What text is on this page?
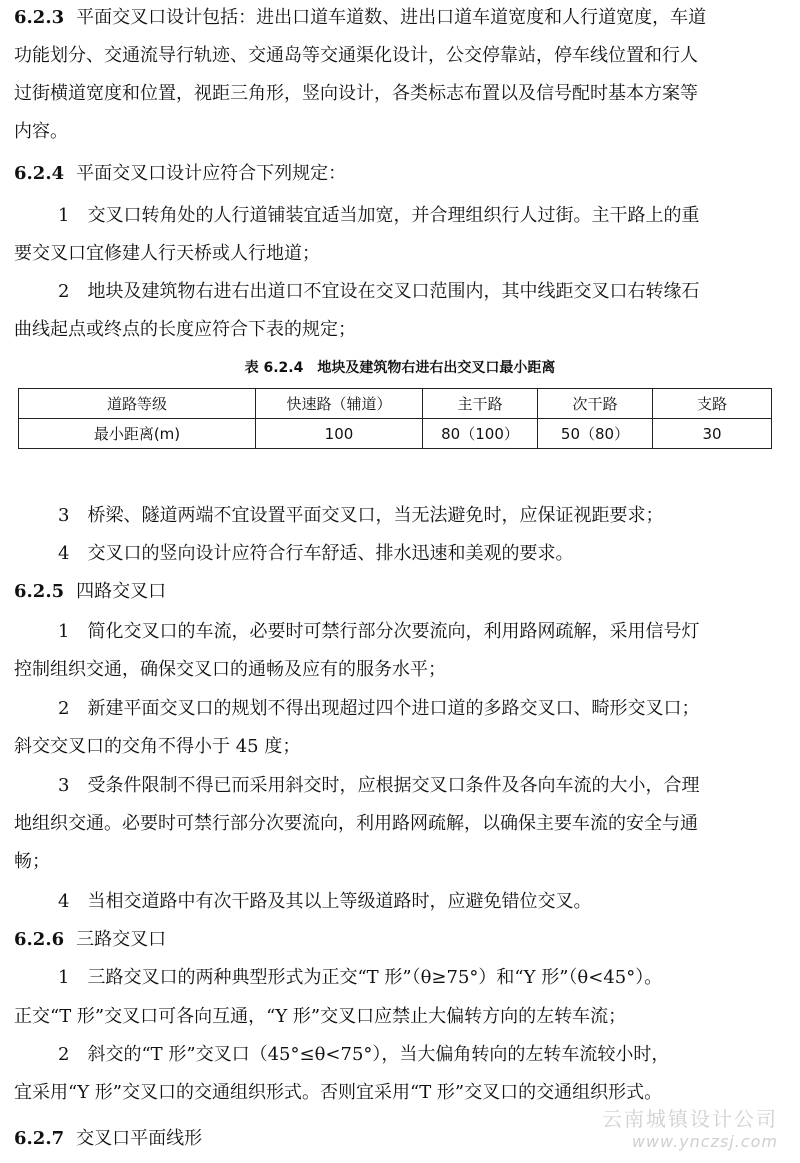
6.2.3 平面交叉口设计包括：进出口道车道数、进出口道车道宽度和人行道宽度，车道
功能划分、交通流导行轨迹、交通岛等交通渠化设计，公交停靠站，停车线位置和行人
过街横道宽度和位置，视距三角形，竖向设计，各类标志布置以及信号配时基本方案等
内容。
6.2.4 平面交叉口设计应符合下列规定：
1　交叉口转角处的人行道铺装宜适当加宽，并合理组织行人过街。主干路上的重
要交叉口宜修建人行天桥或人行地道；
2　地块及建筑物右进右出道口不宜设在交叉口范围内，其中线距交叉口右转缘石
曲线起点或终点的长度应符合下表的规定；
表 6.2.4　地块及建筑物右进右出交叉口最小距离
道路等级	快速路（辅道）	主干路	次干路	支路
最小距离(m)	100	80（100）	50（80）	30
3　桥梁、隧道两端不宜设置平面交叉口，当无法避免时，应保证视距要求；
4　交叉口的竖向设计应符合行车舒适、排水迅速和美观的要求。
6.2.5 四路交叉口
1　简化交叉口的车流，必要时可禁行部分次要流向，利用路网疏解，采用信号灯
控制组织交通，确保交叉口的通畅及应有的服务水平；
2　新建平面交叉口的规划不得出现超过四个进口道的多路交叉口、畸形交叉口；
斜交交叉口的交角不得小于 45 度；
3　受条件限制不得已而采用斜交时，应根据交叉口条件及各向车流的大小，合理
地组织交通。必要时可禁行部分次要流向，利用路网疏解，以确保主要车流的安全与通
畅；
4　当相交道路中有次干路及其以上等级道路时，应避免错位交叉。
6.2.6 三路交叉口
1　三路交叉口的两种典型形式为正交“T 形”（θ≥75°）和“Y 形”（θ<45°）。
正交“T 形”交叉口可各向互通，“Y 形”交叉口应禁止大偏转方向的左转车流；
2　斜交的“T 形”交叉口（45°≤θ<75°），当大偏角转向的左转车流较小时，
宜采用“Y 形”交叉口的交通组织形式。否则宜采用“T 形”交叉口的交通组织形式。
6.2.7 交叉口平面线形
云南城镇设计公司
www.ynczsj.com
